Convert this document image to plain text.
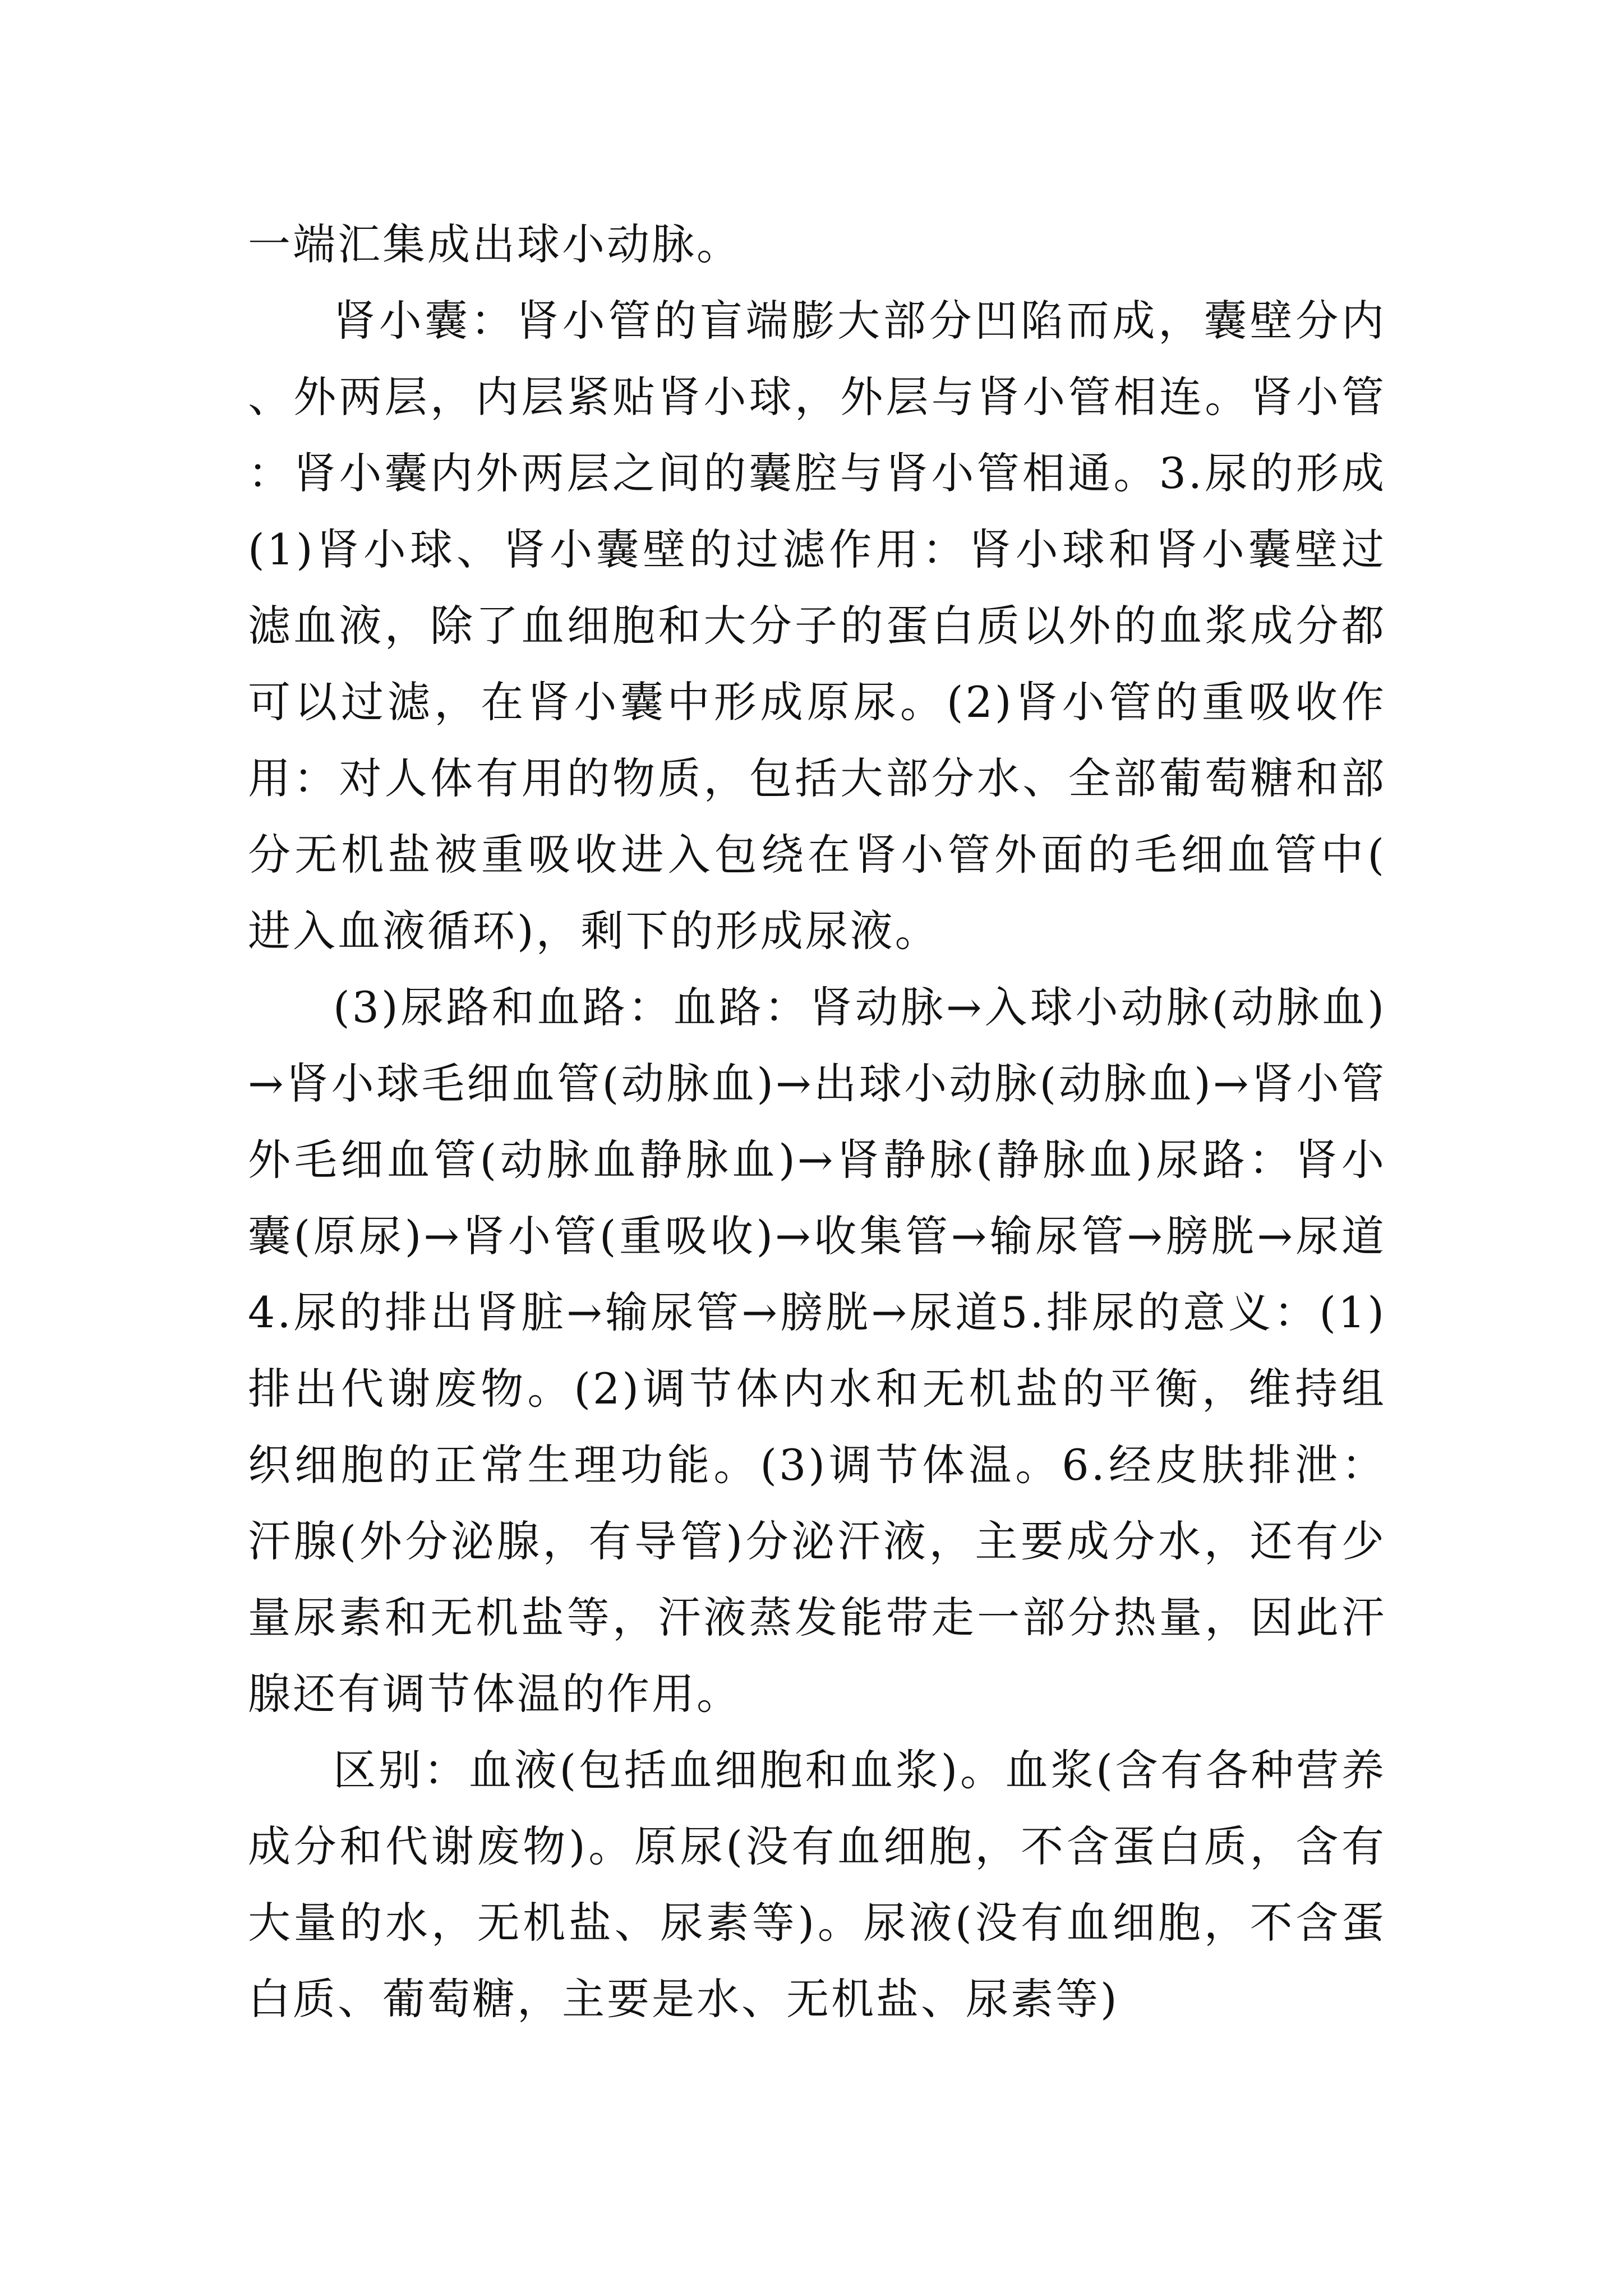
一端汇集成出球小动脉。

肾小囊：肾小管的盲端膨大部分凹陷而成，囊壁分内、外两层，内层紧贴肾小球，外层与肾小管相连。肾小管：肾小囊内外两层之间的囊腔与肾小管相通。3.尿的形成(1)肾小球、肾小囊壁的过滤作用：肾小球和肾小囊壁过滤血液，除了血细胞和大分子的蛋白质以外的血浆成分都可以过滤，在肾小囊中形成原尿。(2)肾小管的重吸收作用：对人体有用的物质，包括大部分水、全部葡萄糖和部分无机盐被重吸收进入包绕在肾小管外面的毛细血管中(进入血液循环)，剩下的形成尿液。

(3)尿路和血路：血路：肾动脉→入球小动脉(动脉血)→肾小球毛细血管(动脉血)→出球小动脉(动脉血)→肾小管外毛细血管(动脉血静脉血)→肾静脉(静脉血)尿路：肾小囊(原尿)→肾小管(重吸收)→收集管→输尿管→膀胱→尿道4.尿的排出肾脏→输尿管→膀胱→尿道5.排尿的意义：(1)排出代谢废物。(2)调节体内水和无机盐的平衡，维持组织细胞的正常生理功能。(3)调节体温。6.经皮肤排泄：汗腺(外分泌腺，有导管)分泌汗液，主要成分水，还有少量尿素和无机盐等，汗液蒸发能带走一部分热量，因此汗腺还有调节体温的作用。

区别：血液(包括血细胞和血浆)。血浆(含有各种营养成分和代谢废物)。原尿(没有血细胞，不含蛋白质，含有大量的水，无机盐、尿素等)。尿液(没有血细胞，不含蛋白质、葡萄糖，主要是水、无机盐、尿素等)
